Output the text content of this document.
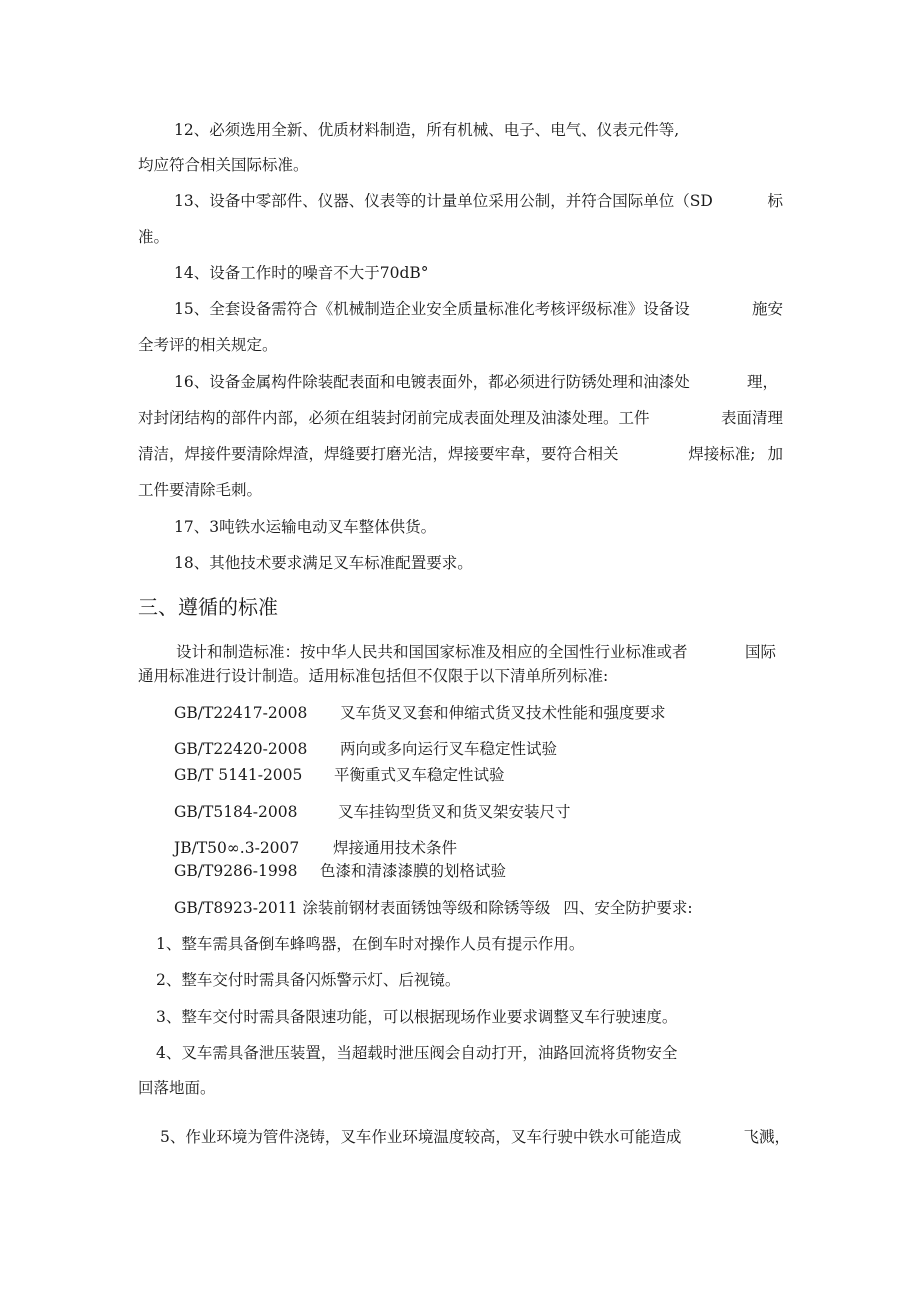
12、必须选用全新、优质材料制造，所有机械、电子、电气、仪表元件等,
均应符合相关国际标准。
13、设备中零部件、仪器、仪表等的计量单位采用公制，并符合国际单位（SD	标
准。
14、设备工作时的噪音不大于70dB°
15、全套设备需符合《机械制造企业安全质量标准化考核评级标准》设备设	施安
全考评的相关规定。
16、设备金属构件除装配表面和电镀表面外，都必须进行防锈处理和油漆处	理，
对封闭结构的部件内部，必须在组装封闭前完成表面处理及油漆处理。工件	表面清理
清洁，焊接件要清除焊渣，焊缝要打磨光洁，焊接要牢韋，要符合相关	焊接标准; 加
工件要清除毛刺。
17、3吨铁水运输电动叉车整体供货。
18、其他技术要求满足叉车标准配置要求。
三、遵循的标准
设计和制造标准：按中华人民共和国国家标准及相应的全国性行业标准或者	国际
通用标准进行设计制造。适用标准包括但不仅限于以下清单所列标准:
GB/T22417-2008 叉车货叉叉套和伸缩式货叉技术性能和强度要求
GB/T22420-2008 两向或多向运行叉车稳定性试验
GB/T 5141-2005 平衡重式叉车稳定性试验
GB/T5184-2008	叉车挂钩型货叉和货叉架安装尺寸
JB/T50∞.3-2007 焊接通用技术条件
GB/T9286-1998 色漆和清漆漆膜的划格试验
GB/T8923-2011 涂装前钢材表面锈蚀等级和除锈等级 四、安全防护要求:
1、整车需具备倒车蜂鸣器，在倒车时对操作人员有提示作用。
2、整车交付时需具备闪烁警示灯、后视镜。
3、整车交付时需具备限速功能，可以根据现场作业要求调整叉车行驶速度。
4、叉车需具备泄压装置，当超载时泄压阀会自动打开，油路回流将货物安全
回落地面。
5、作业环境为管件浇铸，叉车作业环境温度较高，叉车行驶中铁水可能造成	飞溅，
